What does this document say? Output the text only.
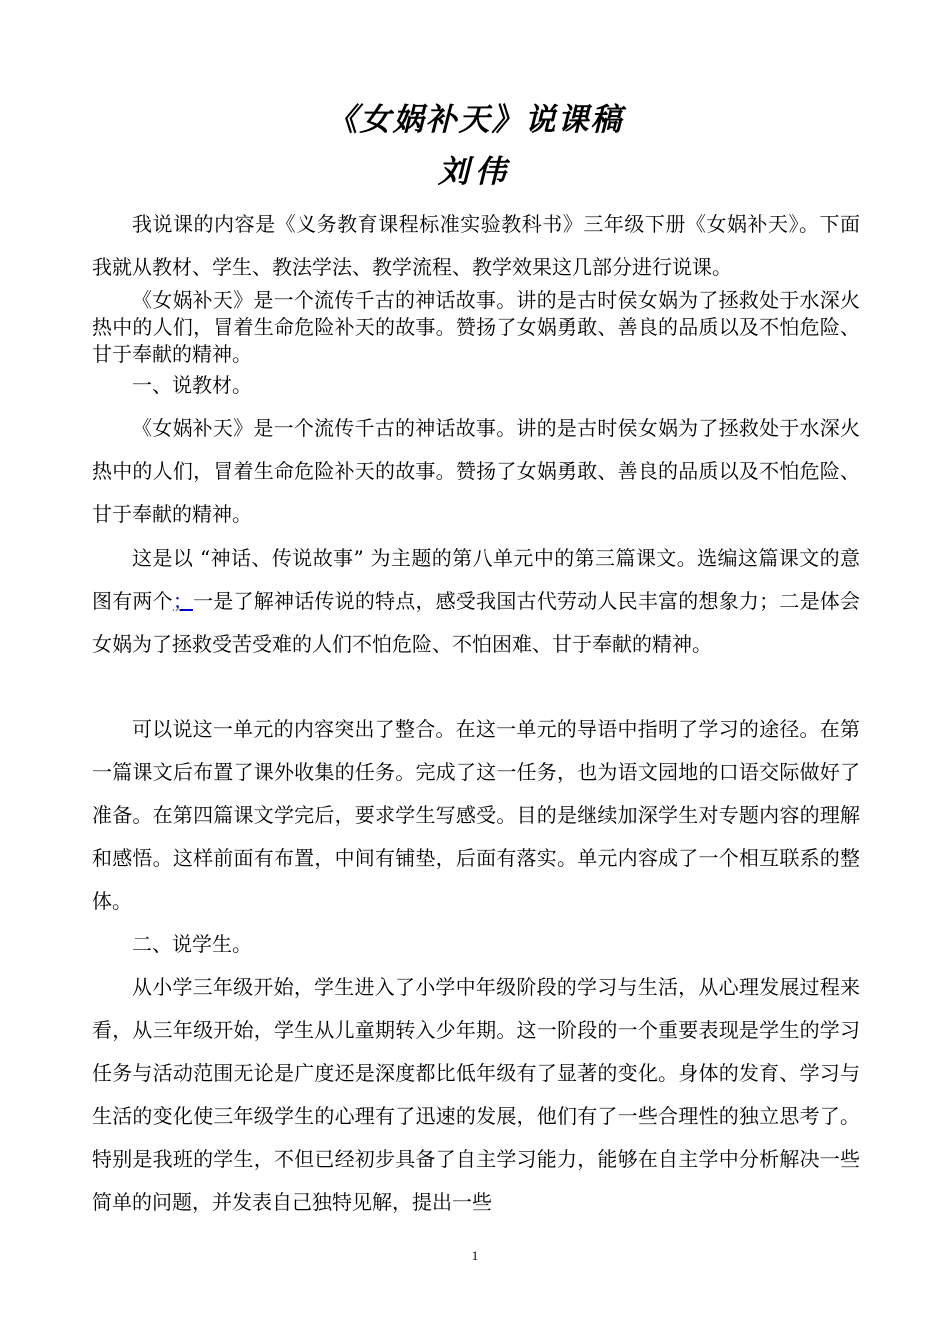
《女娲补天》说课稿
刘伟

我说课的内容是《义务教育课程标准实验教科书》三年级下册《女娲补天》。下面我就从教材、学生、教法学法、教学流程、教学效果这几部分进行说课。

《女娲补天》是一个流传千古的神话故事。讲的是古时侯女娲为了拯救处于水深火热中的人们，冒着生命危险补天的故事。赞扬了女娲勇敢、善良的品质以及不怕危险、甘于奉献的精神。

一、说教材。

《女娲补天》是一个流传千古的神话故事。讲的是古时侯女娲为了拯救处于水深火热中的人们，冒着生命危险补天的故事。赞扬了女娲勇敢、善良的品质以及不怕危险、甘于奉献的精神。

这是以 “神话、传说故事” 为主题的第八单元中的第三篇课文。选编这篇课文的意图有两个；一是了解神话传说的特点，感受我国古代劳动人民丰富的想象力；二是体会女娲为了拯救受苦受难的人们不怕危险、不怕困难、甘于奉献的精神。

可以说这一单元的内容突出了整合。在这一单元的导语中指明了学习的途径。在第一篇课文后布置了课外收集的任务。完成了这一任务，也为语文园地的口语交际做好了准备。在第四篇课文学完后，要求学生写感受。目的是继续加深学生对专题内容的理解和感悟。这样前面有布置，中间有铺垫，后面有落实。单元内容成了一个相互联系的整体。

二、说学生。

从小学三年级开始，学生进入了小学中年级阶段的学习与生活，从心理发展过程来看，从三年级开始，学生从儿童期转入少年期。这一阶段的一个重要表现是学生的学习任务与活动范围无论是广度还是深度都比低年级有了显著的变化。身体的发育、学习与生活的变化使三年级学生的心理有了迅速的发展，他们有了一些合理性的独立思考了。特别是我班的学生，不但已经初步具备了自主学习能力，能够在自主学中分析解决一些简单的问题，并发表自己独特见解，提出一些

1
